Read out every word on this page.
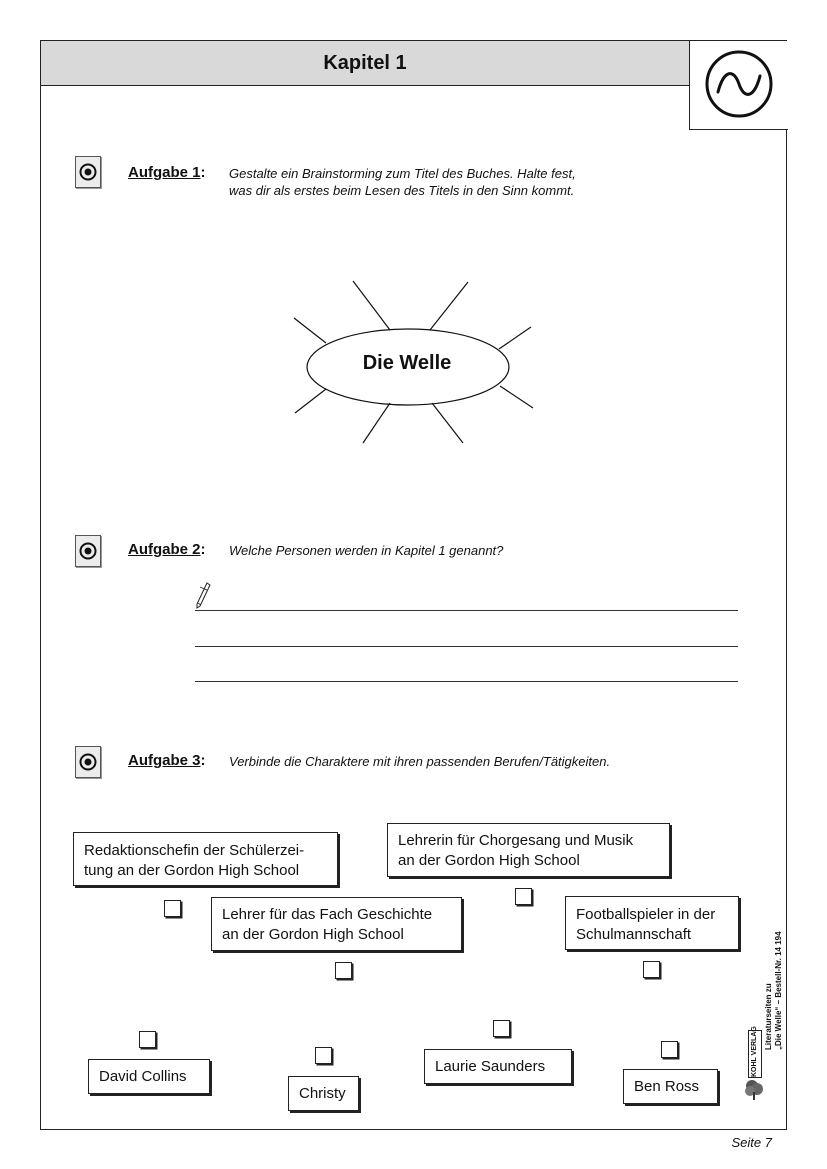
Kapitel 1
Aufgabe 1: Gestalte ein Brainstorming zum Titel des Buches. Halte fest,
was dir als erstes beim Lesen des Titels in den Sinn kommt.
Die Welle
Aufgabe 2: Welche Personen werden in Kapitel 1 genannt?
Aufgabe 3: Verbinde die Charaktere mit ihren passenden Berufen/Tätigkeiten.
Redaktionschefin der Schülerzei-
tung an der Gordon High School
Lehrerin für Chorgesang und Musik
an der Gordon High School
Lehrer für das Fach Geschichte
an der Gordon High School
Footballspieler in der
Schulmannschaft
David Collins
Christy
Laurie Saunders
Ben Ross
Literaturseiten zu „Die Welle“ – Bestell-Nr. 14 194
KOHL VERLAG
Seite 7
